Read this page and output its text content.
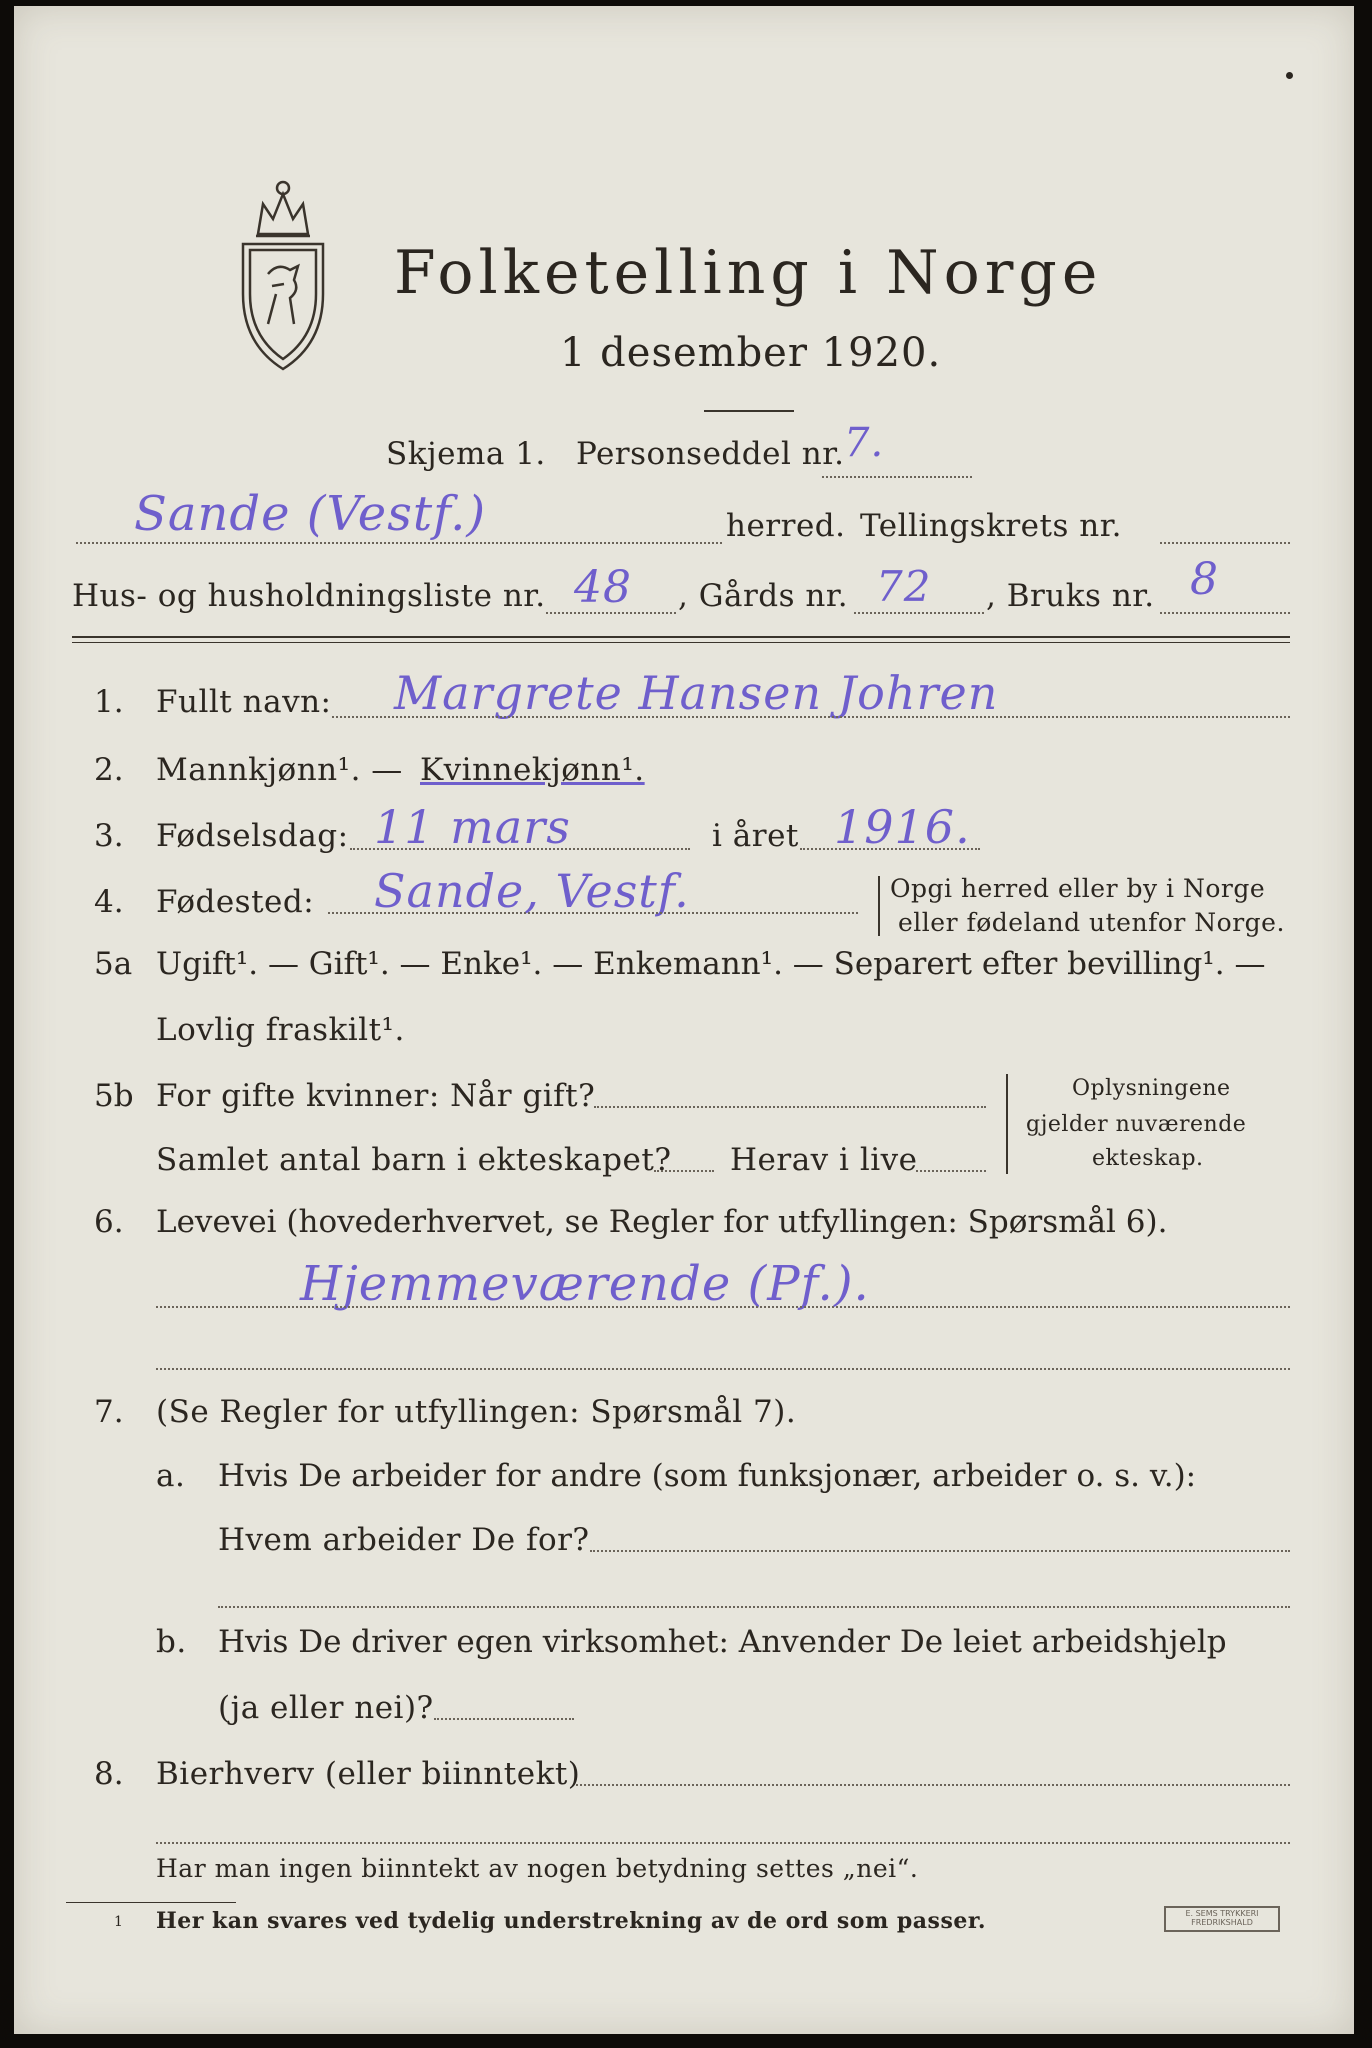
Folketelling i Norge
1 desember 1920.
Skjema 1. Personseddel nr. 7.
Sande (Vestf.)	herred. Tellingskrets nr.
Hus- og husholdningsliste nr. 48 , Gårds nr. 72 , Bruks nr. 8
1. Fullt navn: Margrete Hansen Johren
2. Mannkjønn¹. — Kvinnekjønn¹.
3. Fødselsdag: 11 mars	i året 1916.
4. Fødested: Sande, Vestf.	Opgi herred eller by i Norge
eller fødeland utenfor Norge.
5a Ugift¹. — Gift¹. — Enke¹. — Enkemann¹. — Separert efter bevilling¹. —
Lovlig fraskilt¹.
5b For gifte kvinner: Når gift?
Samlet antal barn i ekteskapet? Herav i live
Oplysningene
gjelder nuværende
ekteskap.
6. Levevei (hovederhvervet, se Regler for utfyllingen: Spørsmål 6).
Hjemmeværende (Pf.).
7. (Se Regler for utfyllingen: Spørsmål 7).
a. Hvis De arbeider for andre (som funksjonær, arbeider o. s. v.):
Hvem arbeider De for?
b. Hvis De driver egen virksomhet: Anvender De leiet arbeidshjelp
(ja eller nei)?
8. Bierhverv (eller biinntekt)
Har man ingen biinntekt av nogen betydning settes „nei“.
1 Her kan svares ved tydelig understrekning av de ord som passer.	E. SEMS TRYKKERI FREDRIKSHALD
